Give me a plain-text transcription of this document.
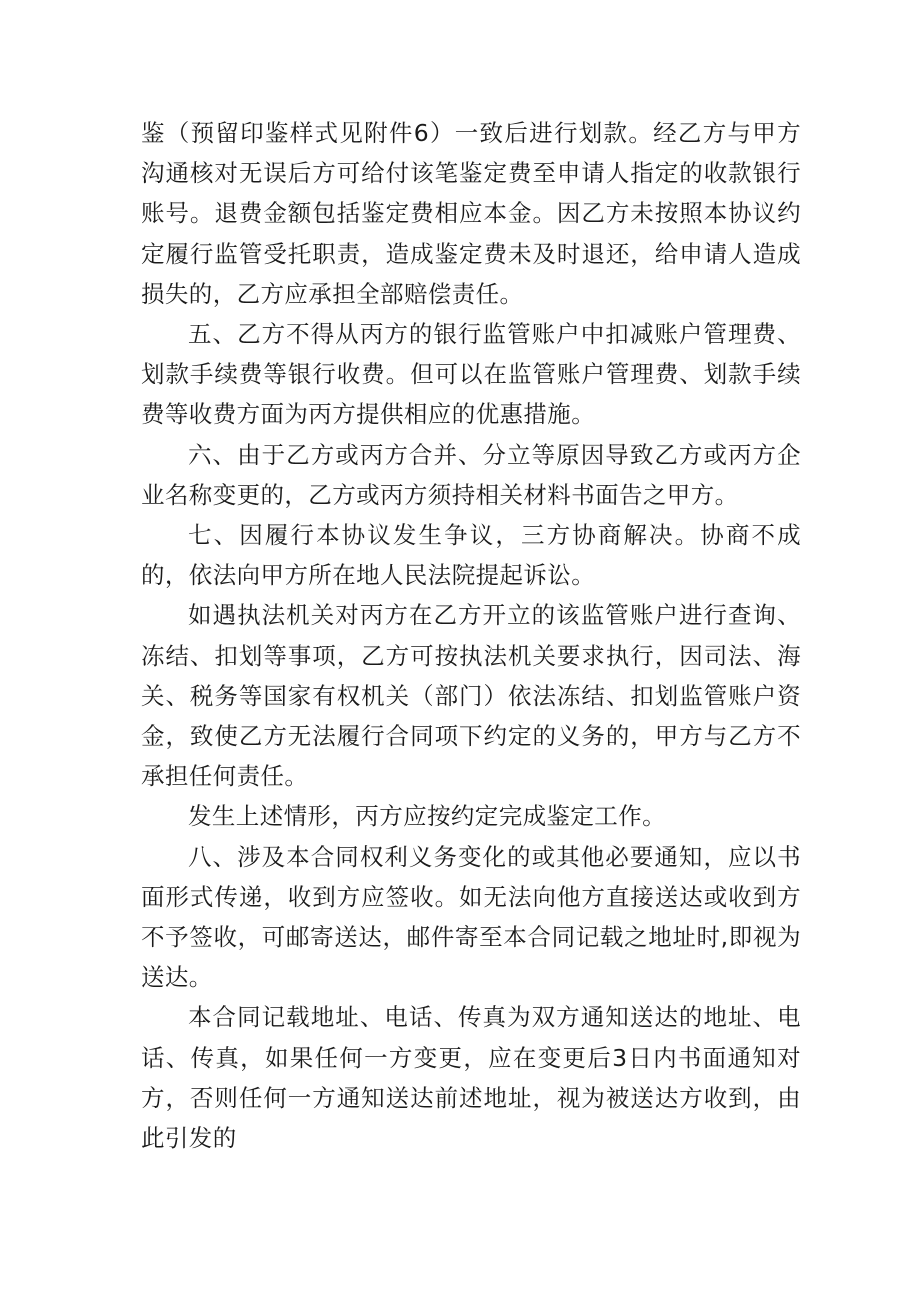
鉴（预留印鉴样式见附件6）一致后进行划款。经乙方与甲方沟通核对无误后方可给付该笔鉴定费至申请人指定的收款银行账号。退费金额包括鉴定费相应本金。因乙方未按照本协议约定履行监管受托职责，造成鉴定费未及时退还，给申请人造成损失的，乙方应承担全部赔偿责任。

五、乙方不得从丙方的银行监管账户中扣减账户管理费、划款手续费等银行收费。但可以在监管账户管理费、划款手续费等收费方面为丙方提供相应的优惠措施。

六、由于乙方或丙方合并、分立等原因导致乙方或丙方企业名称变更的，乙方或丙方须持相关材料书面告之甲方。

七、因履行本协议发生争议，三方协商解决。协商不成的，依法向甲方所在地人民法院提起诉讼。

如遇执法机关对丙方在乙方开立的该监管账户进行查询、冻结、扣划等事项，乙方可按执法机关要求执行，因司法、海关、税务等国家有权机关（部门）依法冻结、扣划监管账户资金，致使乙方无法履行合同项下约定的义务的，甲方与乙方不承担任何责任。

发生上述情形，丙方应按约定完成鉴定工作。

八、涉及本合同权利义务变化的或其他必要通知，应以书面形式传递，收到方应签收。如无法向他方直接送达或收到方不予签收，可邮寄送达，邮件寄至本合同记载之地址时,即视为送达。

本合同记载地址、电话、传真为双方通知送达的地址、电话、传真，如果任何一方变更，应在变更后3日内书面通知对方，否则任何一方通知送达前述地址，视为被送达方收到，由此引发的
